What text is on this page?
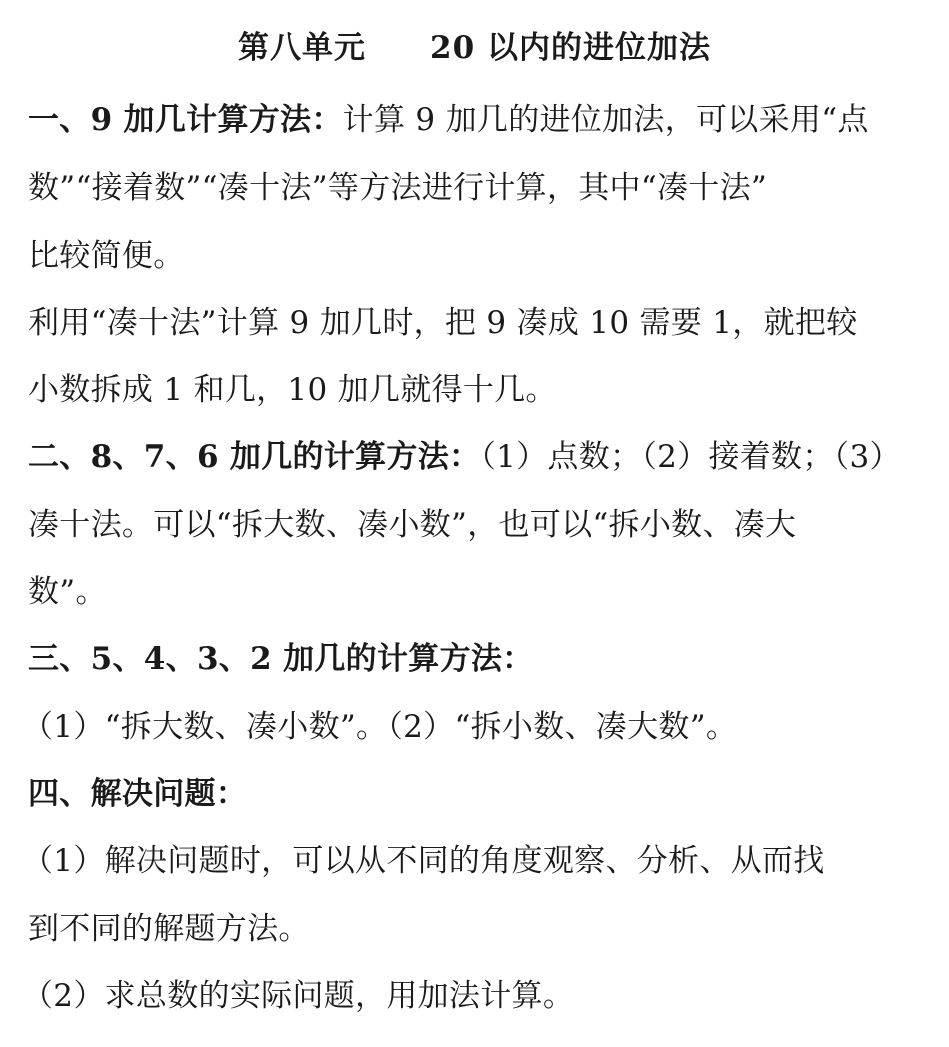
第八单元　　20 以内的进位加法
一、9 加几计算方法：计算 9 加几的进位加法，可以采用“点
数”“接着数”“凑十法”等方法进行计算，其中“凑十法”
比较简便。
利用“凑十法”计算 9 加几时，把 9 凑成 10 需要 1，就把较
小数拆成 1 和几，10 加几就得十几。
二、8、7、6 加几的计算方法：（1）点数；（2）接着数；（3）
凑十法。可以“拆大数、凑小数”，也可以“拆小数、凑大
数”。
三、5、4、3、2 加几的计算方法：
（1）“拆大数、凑小数”。（2）“拆小数、凑大数”。
四、解决问题：
（1）解决问题时，可以从不同的角度观察、分析、从而找
到不同的解题方法。
（2）求总数的实际问题，用加法计算。
